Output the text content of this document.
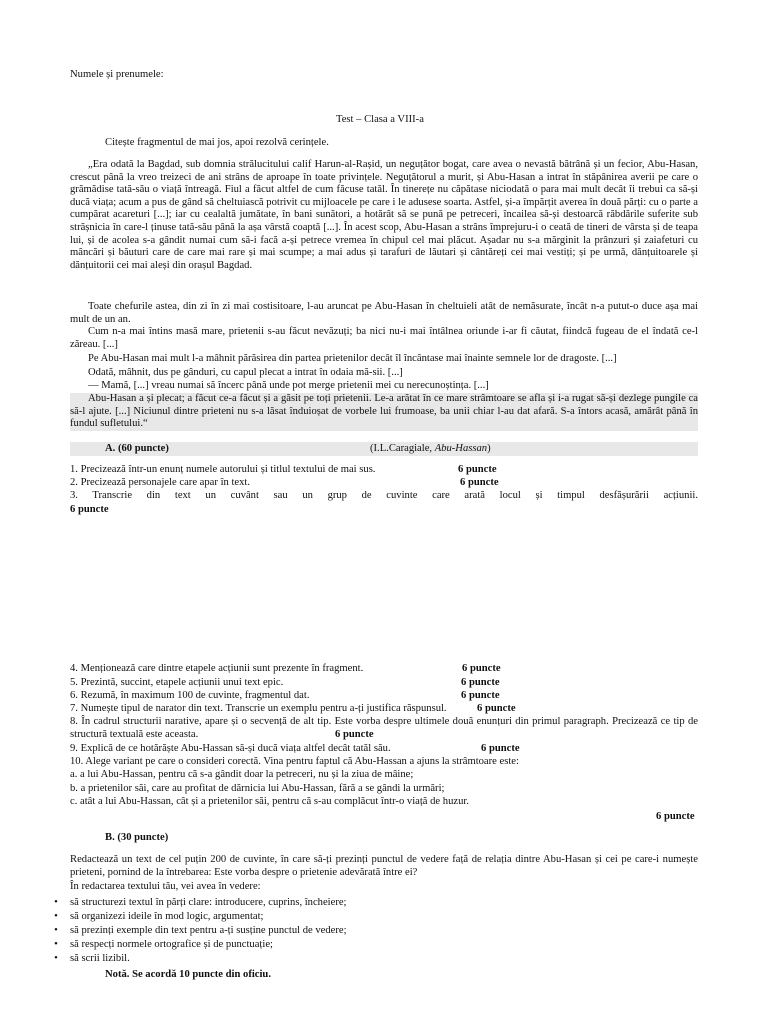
Numele și prenumele:
Test – Clasa a VIII-a
Citește fragmentul de mai jos, apoi rezolvă cerințele.
„Era odată la Bagdad, sub domnia strălucitului calif Harun-al-Rașid, un neguțător bogat, care avea o nevastă bătrână și un fecior, Abu-Hasan, crescut până la vreo treizeci de ani strâns de aproape în toate privințele. Neguțătorul a murit, și Abu-Hasan a intrat în stăpânirea averii pe care o grămădise tată-său o viață întreagă. Fiul a făcut altfel de cum făcuse tatăl. În tinerețe nu căpătase niciodată o para mai mult decât îi trebui ca să-și ducă viața; acum a pus de gând să cheltuiască potrivit cu mijloacele pe care i le adusese soarta. Astfel, și-a împărțit averea în două părți: cu o parte a cumpărat acareturi [...]; iar cu cealaltă jumătate, în bani sunători, a hotărât să se pună pe petreceri, încailea să-și destoarcă răbdările suferite sub strășnicia în care-l ținuse tată-său până la așa vârstă coaptă [...]. În acest scop, Abu-Hasan a strâns împrejuru-i o ceată de tineri de vârsta și de teapa lui, și de acolea s-a gândit numai cum să-i facă a-și petrece vremea în chipul cel mai plăcut. Așadar nu s-a mărginit la prânzuri și zaiafeturi cu mâncări și băuturi care de care mai rare și mai scumpe; a mai adus și tarafuri de lăutari și cântăreți cei mai vestiți; și pe urmă, dănțuitoarele și dănțuitorii cei mai aleși din orașul Bagdad.
Toate chefurile astea, din zi în zi mai costisitoare, l-au aruncat pe Abu-Hasan în cheltuieli atât de nemăsurate, încât n-a putut-o duce așa mai mult de un an.
Cum n-a mai întins masă mare, prietenii s-au făcut nevăzuți; ba nici nu-i mai întâlnea oriunde i-ar fi căutat, fiindcă fugeau de el îndată ce-l zăreau. [...]
Pe Abu-Hasan mai mult l-a mâhnit părăsirea din partea prietenilor decât îl încântase mai înainte semnele lor de dragoste. [...]
Odată, mâhnit, dus pe gânduri, cu capul plecat a intrat în odaia mă-sii. [...]
— Mamă, [...] vreau numai să încerc până unde pot merge prietenii mei cu nerecunoștința. [...]
Abu-Hasan a și plecat; a făcut ce-a făcut și a găsit pe toți prietenii. Le-a arătat în ce mare strâmtoare se afla și i-a rugat să-și dezlege pungile ca să-l ajute. [...] Niciunul dintre prieteni nu s-a lăsat înduioșat de vorbele lui frumoase, ba unii chiar l-au dat afară. S-a întors acasă, amărât până în fundul sufletului.“
A. (60 puncte)	(I.L.Caragiale, Abu-Hassan)
1. Precizează într-un enunț numele autorului și titlul textului de mai sus.	6 puncte
2. Precizează personajele care apar în text.	6 puncte
3. Transcrie din text un cuvânt sau un grup de cuvinte care arată locul și timpul desfășurării acțiunii.
6 puncte
4. Menționează care dintre etapele acțiunii sunt prezente în fragment.	6 puncte
5. Prezintă, succint, etapele acțiunii unui text epic.	6 puncte
6. Rezumă, în maximum 100 de cuvinte, fragmentul dat.	6 puncte
7. Numește tipul de narator din text. Transcrie un exemplu pentru a-ți justifica răspunsul.	6 puncte
8. În cadrul structurii narative, apare și o secvență de alt tip. Este vorba despre ultimele două enunțuri din primul paragraph. Precizează ce tip de structură textuală este aceasta.	6 puncte
9. Explică de ce hotărăște Abu-Hassan să-și ducă viața altfel decât tatăl său.	6 puncte
10. Alege variant pe care o consideri corectă. Vina pentru faptul că Abu-Hassan a ajuns la strâmtoare este:
a. a lui Abu-Hassan, pentru că s-a gândit doar la petreceri, nu și la ziua de mâine;
b. a prietenilor săi, care au profitat de dărnicia lui Abu-Hassan, fără a se gândi la urmări;
c. atât a lui Abu-Hassan, cât și a prietenilor săi, pentru că s-au complăcut într-o viață de huzur.
6 puncte
B. (30 puncte)
Redactează un text de cel puțin 200 de cuvinte, în care să-ți prezinți punctul de vedere față de relația dintre Abu-Hasan și cei pe care-i numește prieteni, pornind de la întrebarea: Este vorba despre o prietenie adevărată între ei?
În redactarea textului tău, vei avea în vedere:
• să structurezi textul în părți clare: introducere, cuprins, încheiere;
• să organizezi ideile în mod logic, argumentat;
• să prezinți exemple din text pentru a-ți susține punctul de vedere;
• să respecți normele ortografice și de punctuație;
• să scrii lizibil.
Notă. Se acordă 10 puncte din oficiu.
